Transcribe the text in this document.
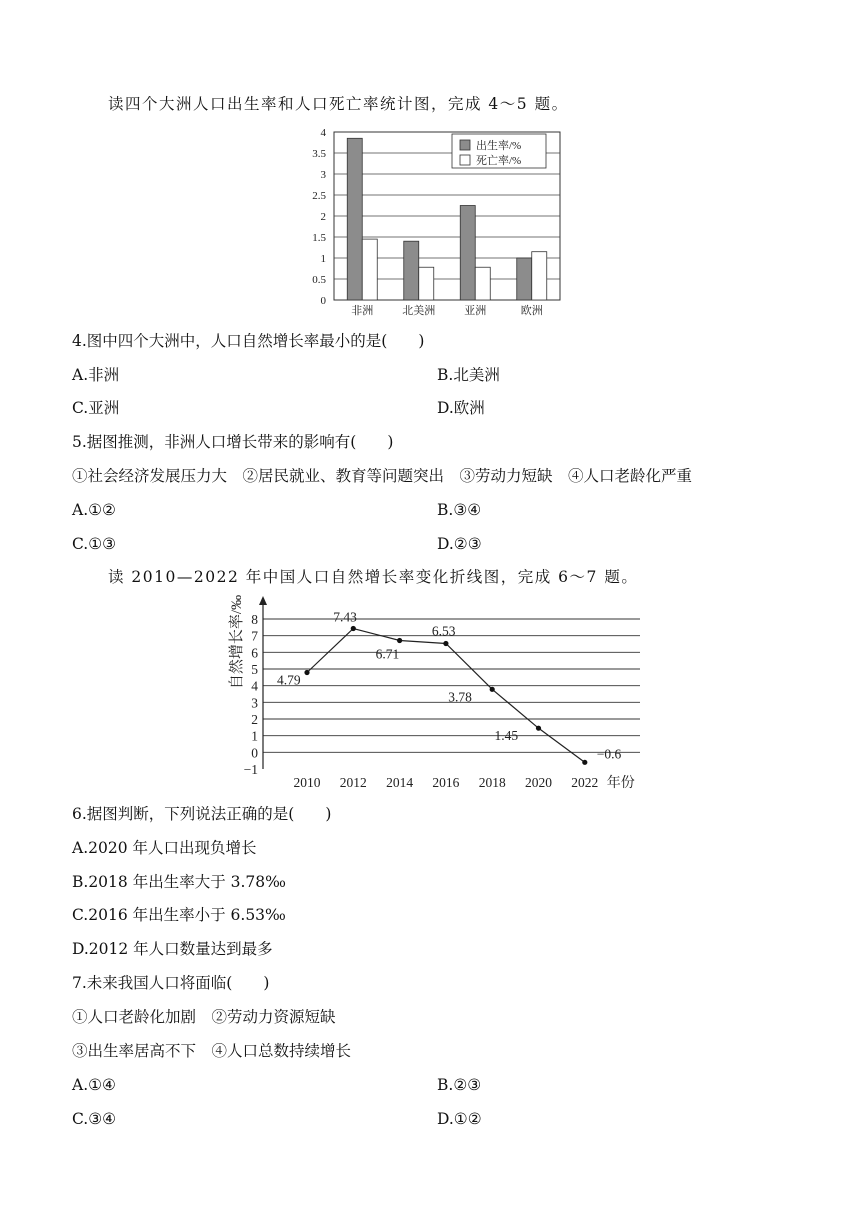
读四个大洲人口出生率和人口死亡率统计图，完成 4～5 题。
0
0.5
1
1.5
2
2.5
3
3.5
4
非洲	北美洲	亚洲	欧洲
出生率/%
死亡率/%
4.图中四个大洲中，人口自然增长率最小的是(　　)
A.非洲	B.北美洲
C.亚洲	D.欧洲
5.据图推测，非洲人口增长带来的影响有(　　)
①社会经济发展压力大　②居民就业、教育等问题突出　③劳动力短缺　④人口老龄化严重
A.①②	B.③④
C.①③	D.②③
读 2010—2022 年中国人口自然增长率变化折线图，完成 6～7 题。
−1
0
1
2
3
4
5
6
7
8
2010 2012 2014 2016 2018 2020 2022 年份
4.79
7.43
6.71
6.53
3.78
1.45
−0.6
自然增长率/‰
6.据图判断，下列说法正确的是(　　)
A.2020 年人口出现负增长
B.2018 年出生率大于 3.78‰
C.2016 年出生率小于 6.53‰
D.2012 年人口数量达到最多
7.未来我国人口将面临(　　)
①人口老龄化加剧　②劳动力资源短缺
③出生率居高不下　④人口总数持续增长
A.①④	B.②③
C.③④	D.①②
